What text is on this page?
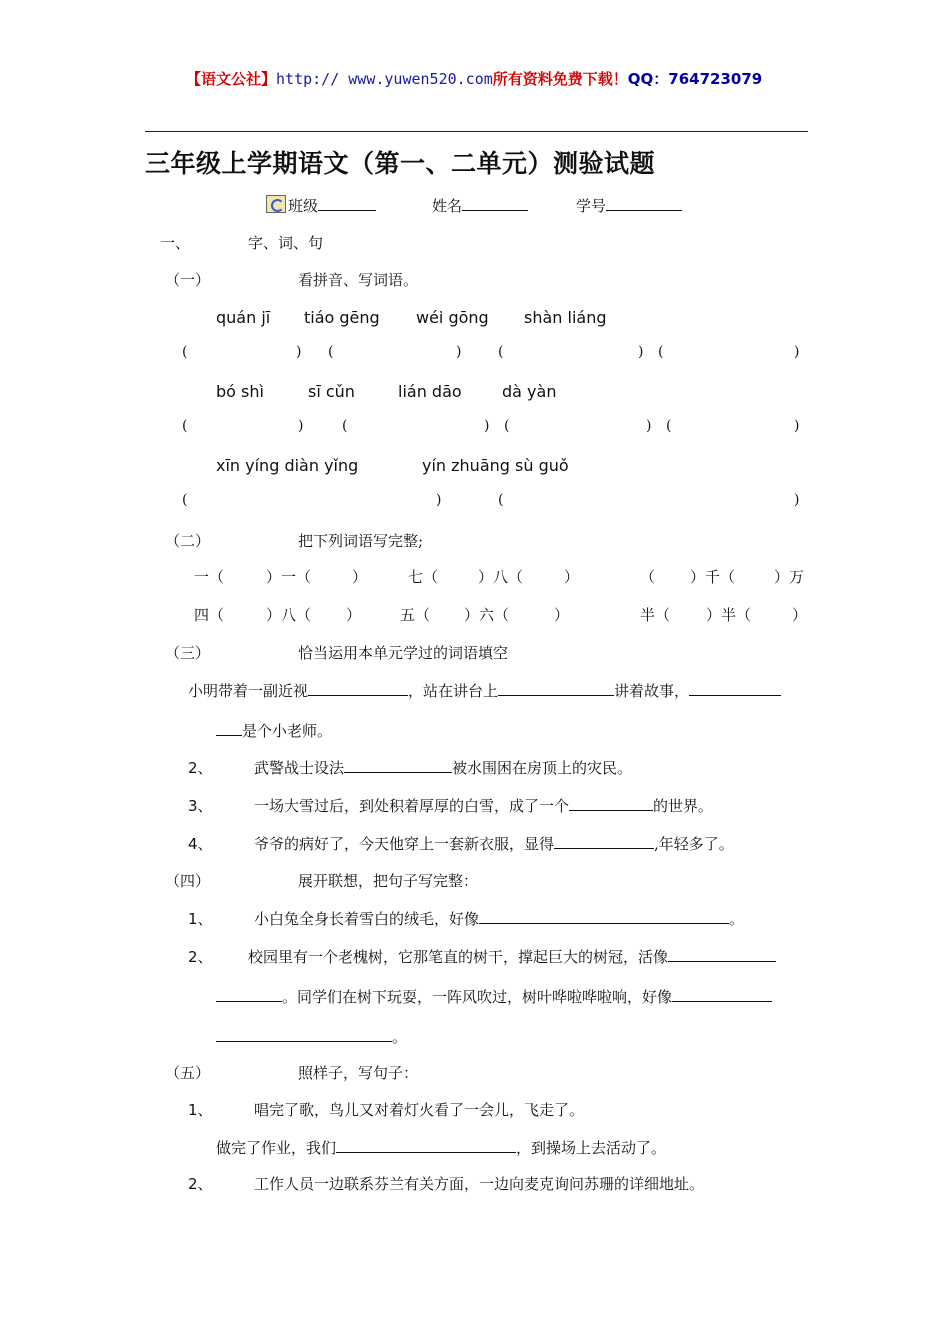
【语文公社】http:// www.yuwen520.com所有资料免费下载！QQ：764723079
三年级上学期语文（第一、二单元）测验试题
班级	姓名	学号
一、	字、词、句
（一）	看拼音、写词语。
quán jī tiáo gēng wéi gōng shàn liáng
(	) (	)	(	) (	)
bó shì	sī cǔn	lián dāo	dà yàn
(	)	(	) (	) (	)
xīn yíng diàn yǐng	yín zhuāng sù guǒ
(	)	(	)
（二）	把下列词语写完整;
一（	）一（	）	七（	）八（	）	（ ）千（	）万
四（	）八（ ）	五（ ）六（	）	半（ ）半（	）
（三）	恰当运用本单元学过的词语填空
小明带着一副近视	，站在讲台上	讲着故事，
是个小老师。
2、	武警战士设法	被水围困在房顶上的灾民。
3、	一场大雪过后，到处积着厚厚的白雪，成了一个	的世界。
4、	爷爷的病好了，今天他穿上一套新衣服，显得	,年轻多了。
（四）	展开联想，把句子写完整：
1、	小白兔全身长着雪白的绒毛，好像	。
2、 校园里有一个老槐树，它那笔直的树干，撑起巨大的树冠，活像
。同学们在树下玩耍，一阵风吹过，树叶哗啦哗啦响，好像
。
（五）	照样子，写句子：
1、	唱完了歌，鸟儿又对着灯火看了一会儿，飞走了。
做完了作业，我们	，到操场上去活动了。
2、	工作人员一边联系芬兰有关方面，一边向麦克询问苏珊的详细地址。
